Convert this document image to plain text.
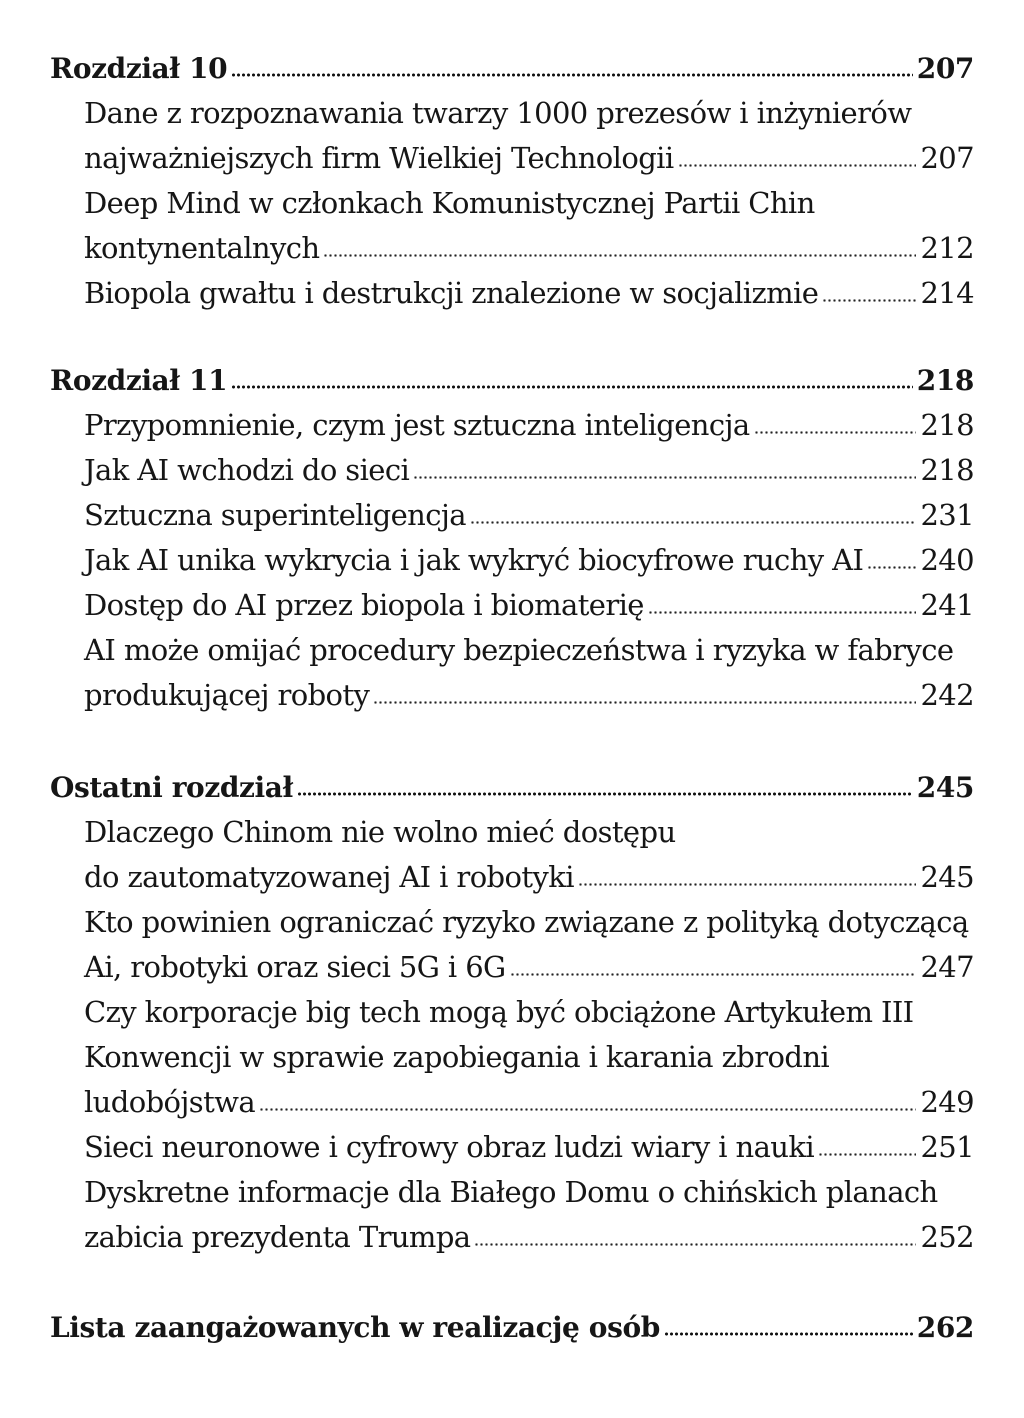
Rozdział 10	207
Dane z rozpoznawania twarzy 1000 prezesów i inżynierów
najważniejszych firm Wielkiej Technologii	207
Deep Mind w członkach Komunistycznej Partii Chin
kontynentalnych	212
Biopola gwałtu i destrukcji znalezione w socjalizmie	214
Rozdział 11	218
Przypomnienie, czym jest sztuczna inteligencja	218
Jak AI wchodzi do sieci	218
Sztuczna superinteligencja	231
Jak AI unika wykrycia i jak wykryć biocyfrowe ruchy AI 240
Dostęp do AI przez biopola i biomaterię	241
AI może omijać procedury bezpieczeństwa i ryzyka w fabryce
produkującej roboty	242
Ostatni rozdział	245
Dlaczego Chinom nie wolno mieć dostępu
do zautomatyzowanej AI i robotyki	245
Kto powinien ograniczać ryzyko związane z polityką dotyczącą
Ai, robotyki oraz sieci 5G i 6G	247
Czy korporacje big tech mogą być obciążone Artykułem III
Konwencji w sprawie zapobiegania i karania zbrodni
ludobójstwa	249
Sieci neuronowe i cyfrowy obraz ludzi wiary i nauki	251
Dyskretne informacje dla Białego Domu o chińskich planach
zabicia prezydenta Trumpa	252
Lista zaangażowanych w realizację osób	262
